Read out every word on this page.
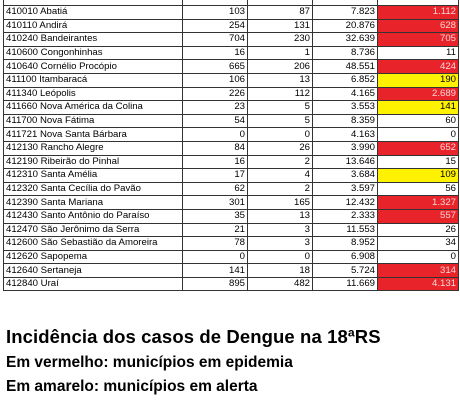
410010 Abatiá	103	87	7.823	1.112
410110 Andirá	254	131	20.876	628
410240 Bandeirantes	704	230	32.639	705
410600 Congonhinhas	16	1	8.736	11
410640 Cornélio Procópio	665	206	48.551	424
411100 Itambaracá	106	13	6.852	190
411340 Leópolis	226	112	4.165	2.689
411660 Nova América da Colina	23	5	3.553	141
411700 Nova Fátima	54	5	8.359	60
411721 Nova Santa Bárbara	0	0	4.163	0
412130 Rancho Alegre	84	26	3.990	652
412190 Ribeirão do Pinhal	16	2	13.646	15
412310 Santa Amélia	17	4	3.684	109
412320 Santa Cecília do Pavão	62	2	3.597	56
412390 Santa Mariana	301	165	12.432	1.327
412430 Santo Antônio do Paraíso	35	13	2.333	557
412470 São Jerônimo da Serra	21	3	11.553	26
412600 São Sebastião da Amoreira	78	3	8.952	34
412620 Sapopema	0	0	6.908	0
412640 Sertaneja	141	18	5.724	314
412840 Uraí	895	482	11.669	4.131
Incidência dos casos de Dengue na 18ªRS
Em vermelho: municípios em epidemia
Em amarelo: municípios em alerta
